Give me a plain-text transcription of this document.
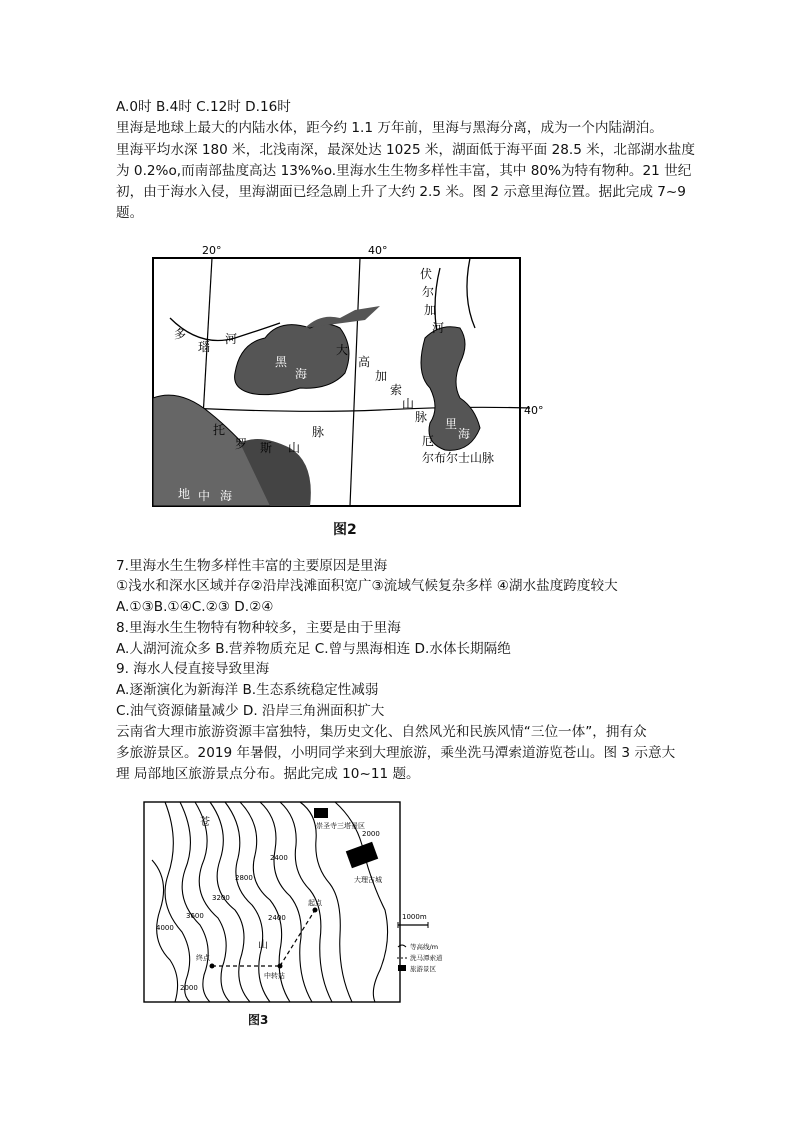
A.0时 B.4时 C.12时 D.16时
里海是地球上最大的内陆水体，距今约 1.1 万年前，里海与黑海分离，成为一个内陆湖泊。
里海平均水深 180 米，北浅南深，最深处达 1025 米，湖面低于海平面 28.5 米，北部湖水盐度
为 0.2%o,而南部盐度高达 13%%o.里海水生生物多样性丰富，其中 80%为特有物种。21 世纪
初，由于海水入侵，里海湖面已经急剧上升了大约 2.5 米。图 2 示意里海位置。据此完成 7~9
题。
20°	40°
40°
多
瑙
河
黑
海
大
高
加
索
山
脉
托
罗 斯 山
脉
地 中 海
伏
尔
加
河
里
海
厄
尔布尔士山脉
图2
7.里海水生生物多样性丰富的主要原因是里海
①浅水和深水区域并存②沿岸浅滩面积宽广③流域气候复杂多样 ④湖水盐度跨度较大
A.①③B.①④C.②③ D.②④
8.里海水生生物特有物种较多，主要是由于里海
A.人湖河流众多 B.营养物质充足 C.曾与黑海相连 D.水体长期隔绝
9. 海水人侵直接导致里海
A.逐渐演化为新海洋 B.生态系统稳定性减弱
C.油气资源储量减少 D. 沿岸三角洲面积扩大
云南省大理市旅游资源丰富独特，集历史文化、自然风光和民族风情“三位一体”，拥有众
多旅游景区。2019 年暑假，小明同学来到大理旅游，乘坐洗马潭索道游览苍山。图 3 示意大
理 局部地区旅游景点分布。据此完成 10~11 题。
苍
山
崇圣寺三塔景区
大理古城
起点
终点
中转站
2000
2400
2800
3200
3600
4000
2400
2000
1000m
等高线/m
洗马潭索道
旅游景区
图3
